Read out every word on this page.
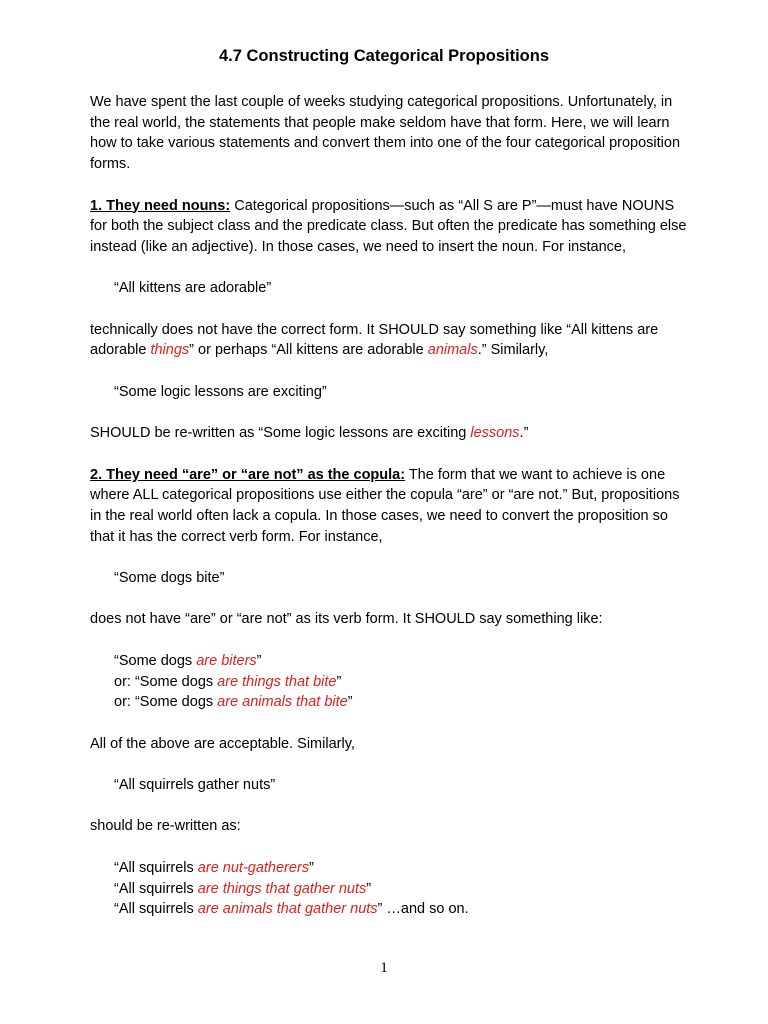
4.7 Constructing Categorical Propositions

We have spent the last couple of weeks studying categorical propositions. Unfortunately, in the real world, the statements that people make seldom have that form. Here, we will learn how to take various statements and convert them into one of the four categorical proposition forms.

1. They need nouns: Categorical propositions—such as “All S are P”—must have NOUNS for both the subject class and the predicate class. But often the predicate has something else instead (like an adjective). In those cases, we need to insert the noun. For instance,

“All kittens are adorable”

technically does not have the correct form. It SHOULD say something like “All kittens are adorable things” or perhaps “All kittens are adorable animals.” Similarly,

“Some logic lessons are exciting”

SHOULD be re-written as “Some logic lessons are exciting lessons.”

2. They need “are” or “are not” as the copula: The form that we want to achieve is one where ALL categorical propositions use either the copula “are” or “are not.” But, propositions in the real world often lack a copula. In those cases, we need to convert the proposition so that it has the correct verb form. For instance,

“Some dogs bite”

does not have “are” or “are not” as its verb form. It SHOULD say something like:

“Some dogs are biters”

or: “Some dogs are things that bite”

or: “Some dogs are animals that bite”

All of the above are acceptable. Similarly,

“All squirrels gather nuts”

should be re-written as:

“All squirrels are nut-gatherers”

“All squirrels are things that gather nuts”

“All squirrels are animals that gather nuts” …and so on.

1
